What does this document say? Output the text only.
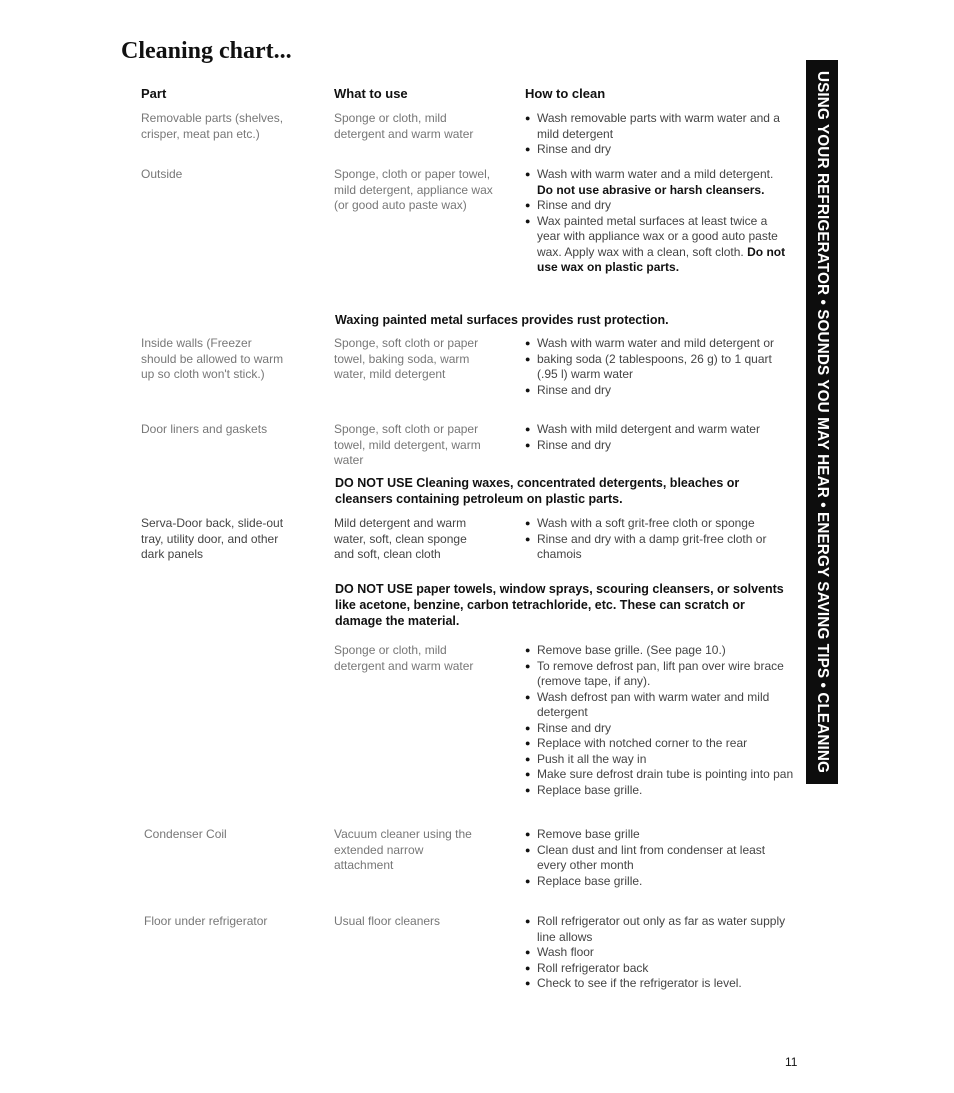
Cleaning chart...
Part	What to use	How to clean
Removable parts (shelves, crisper, meat pan etc.)
Sponge or cloth, mild detergent and warm water
● Wash removable parts with warm water and a mild detergent
● Rinse and dry
Outside	Sponge, cloth or paper towel, mild detergent, appliance wax (or good auto paste wax)
● Wash with warm water and a mild detergent. Do not use abrasive or harsh cleansers.
● Rinse and dry
● Wax painted metal surfaces at least twice a year with appliance wax or a good auto paste wax. Apply wax with a clean, soft cloth. Do not use wax on plastic parts.
Waxing painted metal surfaces provides rust protection.
Inside walls (Freezer should be allowed to warm up so cloth won't stick.)
Sponge, soft cloth or paper towel, baking soda, warm water, mild detergent
● Wash with warm water and mild detergent or
● baking soda (2 tablespoons, 26 g) to 1 quart (.95 l) warm water
● Rinse and dry
Door liners and gaskets	Sponge, soft cloth or paper towel, mild detergent, warm water
● Wash with mild detergent and warm water
● Rinse and dry
DO NOT USE Cleaning waxes, concentrated detergents, bleaches or cleansers containing petroleum on plastic parts.
Serva-Door back, slide-out tray, utility door, and other dark panels
Mild detergent and warm water, soft, clean sponge and soft, clean cloth
● Wash with a soft grit-free cloth or sponge
● Rinse and dry with a damp grit-free cloth or chamois
DO NOT USE paper towels, window sprays, scouring cleansers, or solvents like acetone, benzine, carbon tetrachloride, etc. These can scratch or damage the material.
Sponge or cloth, mild detergent and warm water
● Remove base grille. (See page 10.)
● To remove defrost pan, lift pan over wire brace (remove tape, if any).
● Wash defrost pan with warm water and mild detergent
● Rinse and dry
● Replace with notched corner to the rear
● Push it all the way in
● Make sure defrost drain tube is pointing into pan
● Replace base grille.
Condenser Coil	Vacuum cleaner using the extended narrow attachment
● Remove base grille
● Clean dust and lint from condenser at least every other month
● Replace base grille.
Floor under refrigerator	Usual floor cleaners
●	Roll refrigerator out only as far as water supply line allows
● Wash floor
● Roll refrigerator back
● Check to see if the refrigerator is level.
USING YOUR REFRIGERATOR • SOUNDS YOU MAY HEAR • ENERGY SAVING TIPS • CLEANING
11
